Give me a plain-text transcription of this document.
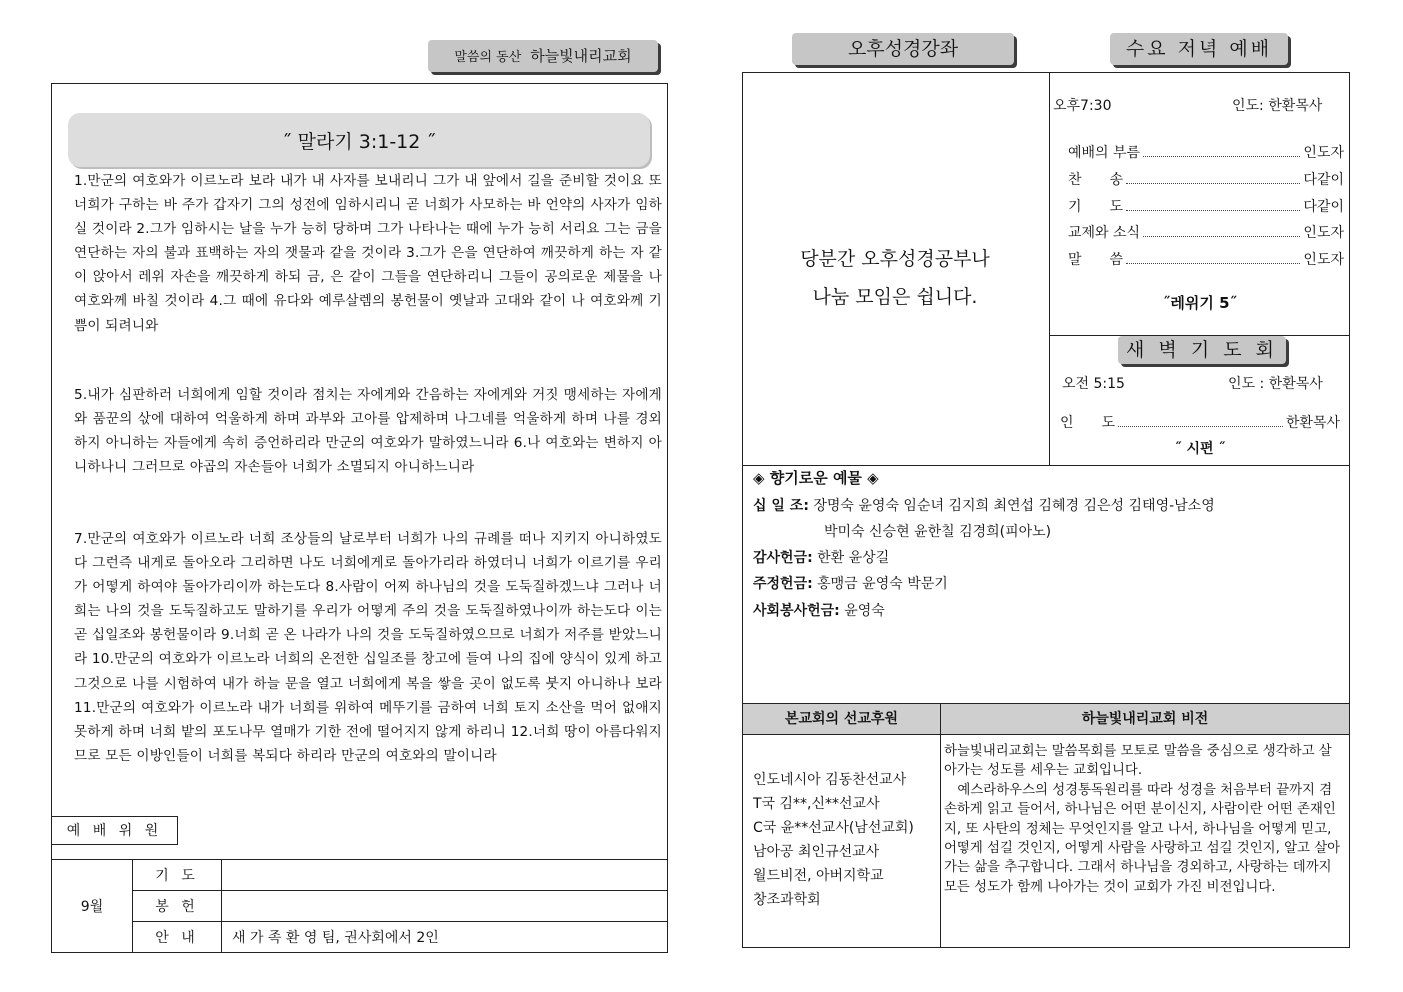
말씀의 동산 하늘빛내리교회
˝ 말라기 3:1-12 ˝

1.만군의 여호와가 이르노라 보라 내가 내 사자를 보내리니 그가 내 앞에서 길을 준비할 것이요 또 너희가 구하는 바 주가 갑자기 그의 성전에 임하시리니 곧 너희가 사모하는 바 언약의 사자가 임하실 것이라 2.그가 임하시는 날을 누가 능히 당하며 그가 나타나는 때에 누가 능히 서리요 그는 금을 연단하는 자의 불과 표백하는 자의 잿물과 같을 것이라 3.그가 은을 연단하여 깨끗하게 하는 자 같이 앉아서 레위 자손을 깨끗하게 하되 금, 은 같이 그들을 연단하리니 그들이 공의로운 제물을 나 여호와께 바칠 것이라 4.그 때에 유다와 예루살렘의 봉헌물이 옛날과 고대와 같이 나 여호와께 기쁨이 되려니와

5.내가 심판하러 너희에게 임할 것이라 점치는 자에게와 간음하는 자에게와 거짓 맹세하는 자에게와 품꾼의 삯에 대하여 억울하게 하며 과부와 고아를 압제하며 나그네를 억울하게 하며 나를 경외하지 아니하는 자들에게 속히 증언하리라 만군의 여호와가 말하였느니라 6.나 여호와는 변하지 아니하나니 그러므로 야곱의 자손들아 너희가 소멸되지 아니하느니라

7.만군의 여호와가 이르노라 너희 조상들의 날로부터 너희가 나의 규례를 떠나 지키지 아니하였도다 그런즉 내게로 돌아오라 그리하면 나도 너희에게로 돌아가리라 하였더니 너희가 이르기를 우리가 어떻게 하여야 돌아가리이까 하는도다 8.사람이 어찌 하나님의 것을 도둑질하겠느냐 그러나 너희는 나의 것을 도둑질하고도 말하기를 우리가 어떻게 주의 것을 도둑질하였나이까 하는도다 이는 곧 십일조와 봉헌물이라 9.너희 곧 온 나라가 나의 것을 도둑질하였으므로 너희가 저주를 받았느니라 10.만군의 여호와가 이르노라 너희의 온전한 십일조를 창고에 들여 나의 집에 양식이 있게 하고 그것으로 나를 시험하여 내가 하늘 문을 열고 너희에게 복을 쌓을 곳이 없도록 붓지 아니하나 보라 11.만군의 여호와가 이르노라 내가 너희를 위하여 메뚜기를 금하여 너희 토지 소산을 먹어 없애지 못하게 하며 너희 밭의 포도나무 열매가 기한 전에 떨어지지 않게 하리니 12.너희 땅이 아름다워지므로 모든 이방인들이 너희를 복되다 하리라 만군의 여호와의 말이니라

예 배 위 원
9월	기 도	
	봉 헌	
	안 내	새 가 족 환 영 팀, 권사회에서 2인
오후성경강좌	수요 저녁 예배
당분간 오후성경공부나
나눔 모임은 쉽니다.
오후7:30	인도: 한환목사
예배의 부름	인도자
찬　　송	다같이
기　　도	다같이
교제와 소식	인도자
말　　씀	인도자
˝레위기 5˝
새 벽 기 도 회
오전 5:15	인도 : 한환목사
인　　도	한환목사
˝ 시편 ˝
◈ 향기로운 예물 ◈
십 일 조: 장명숙 윤영숙 임순녀 김지희 최연섭 김혜경 김은성 김태영-남소영
박미숙 신승현 윤한칠 김경희(피아노)
감사헌금: 한환 윤상길
주정헌금: 홍맹금 윤영숙 박문기
사회봉사헌금: 윤영숙
본교회의 선교후원	하늘빛내리교회 비전
인도네시아 김동찬선교사
T국 김**,신**선교사
C국 윤**선교사(남선교회)
남아공 최인규선교사
월드비전, 아버지학교
창조과학회

하늘빛내리교회는 말씀목회를 모토로 말씀을 중심으로 생각하고 살아가는 성도를 세우는 교회입니다.

　예스라하우스의 성경통독원리를 따라 성경을 처음부터 끝까지 겸손하게 읽고 들어서, 하나님은 어떤 분이신지, 사람이란 어떤 존재인지, 또 사탄의 정체는 무엇인지를 알고 나서, 하나님을 어떻게 믿고, 어떻게 섬길 것인지, 어떻게 사람을 사랑하고 섬길 것인지, 알고 살아가는 삶을 추구합니다. 그래서 하나님을 경외하고, 사랑하는 데까지 모든 성도가 함께 나아가는 것이 교회가 가진 비전입니다.
